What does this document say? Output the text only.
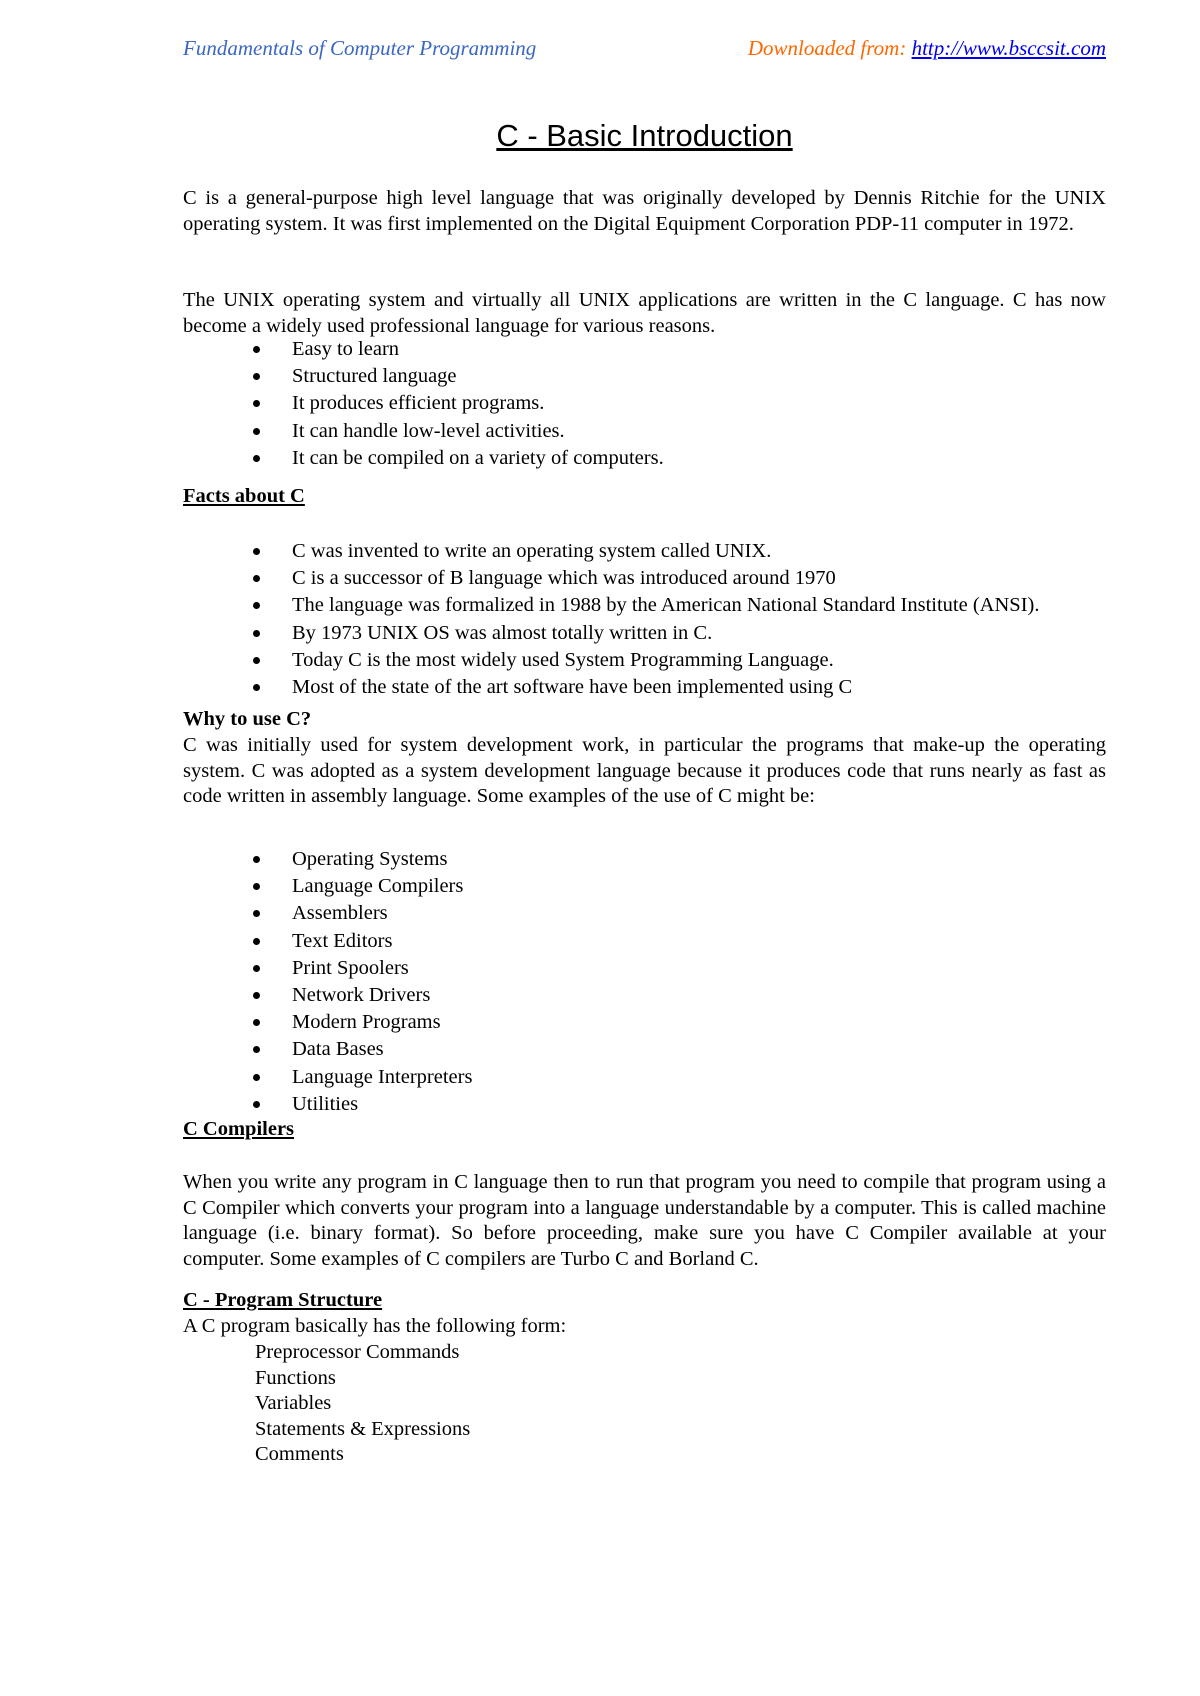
Fundamentals of Computer Programming	Downloaded from: http://www.bsccsit.com
C - Basic Introduction

C is a general-purpose high level language that was originally developed by Dennis Ritchie for the UNIX operating system. It was first implemented on the Digital Equipment Corporation PDP-11 computer in 1972.

The UNIX operating system and virtually all UNIX applications are written in the C language. C has now become a widely used professional language for various reasons.

Easy to learn
Structured language
It produces efficient programs.
It can handle low-level activities.
It can be compiled on a variety of computers.
Facts about C
C was invented to write an operating system called UNIX.
C is a successor of B language which was introduced around 1970
The language was formalized in 1988 by the American National Standard Institute (ANSI).
By 1973 UNIX OS was almost totally written in C.
Today C is the most widely used System Programming Language.
Most of the state of the art software have been implemented using C
Why to use C?

C was initially used for system development work, in particular the programs that make-up the operating system. C was adopted as a system development language because it produces code that runs nearly as fast as code written in assembly language. Some examples of the use of C might be:

Operating Systems
Language Compilers
Assemblers
Text Editors
Print Spoolers
Network Drivers
Modern Programs
Data Bases
Language Interpreters
Utilities
C Compilers

When you write any program in C language then to run that program you need to compile that program using a C Compiler which converts your program into a language understandable by a computer. This is called machine language (i.e. binary format). So before proceeding, make sure you have C Compiler available at your computer. Some examples of C compilers are Turbo C and Borland C.

C - Program Structure

A C program basically has the following form:

Preprocessor Commands
Functions
Variables
Statements & Expressions
Comments
